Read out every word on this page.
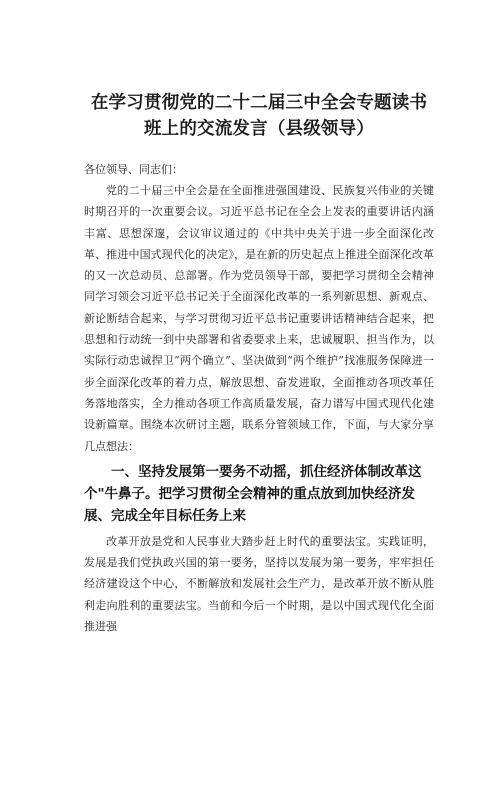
在学习贯彻党的二十二届三中全会专题读书班上的交流发言（县级领导）

各位领导、同志们：

党的二十届三中全会是在全面推进强国建设、民族复兴伟业的关键时期召开的一次重要会议。习近平总书记在全会上发表的重要讲话内涵丰富、思想深邃，会议审议通过的《中共中央关于进一步全面深化改革、推进中国式现代化的决定》，是在新的历史起点上推进全面深化改革的又一次总动员、总部署。作为党员领导干部，要把学习贯彻全会精神同学习领会习近平总书记关于全面深化改革的一系列新思想、新观点、新论断结合起来，与学习贯彻习近平总书记重要讲话精神结合起来，把思想和行动统一到中央部署和省委要求上来，忠诚履职、担当作为，以实际行动忠诚捍卫“两个确立”、坚决做到“两个维护”找准服务保障进一步全面深化改革的着力点，解放思想、奋发进取，全面推动各项改革任务落地落实，全力推动各项工作高质量发展，奋力谱写中国式现代化建设新篇章。围绕本次研讨主题，联系分管领域工作，下面，与大家分享几点想法：

一、坚持发展第一要务不动摇，抓住经济体制改革这个"牛鼻子。把学习贯彻全会精神的重点放到加快经济发展、完成全年目标任务上来

改革开放是党和人民事业大踏步赶上时代的重要法宝。实践证明，发展是我们党执政兴国的第一要务，坚持以发展为第一要务，牢牢担任经济建设这个中心，不断解放和发展社会生产力，是改革开放不断从胜利走向胜利的重要法宝。当前和今后一个时期，是以中国式现代化全面推进强
